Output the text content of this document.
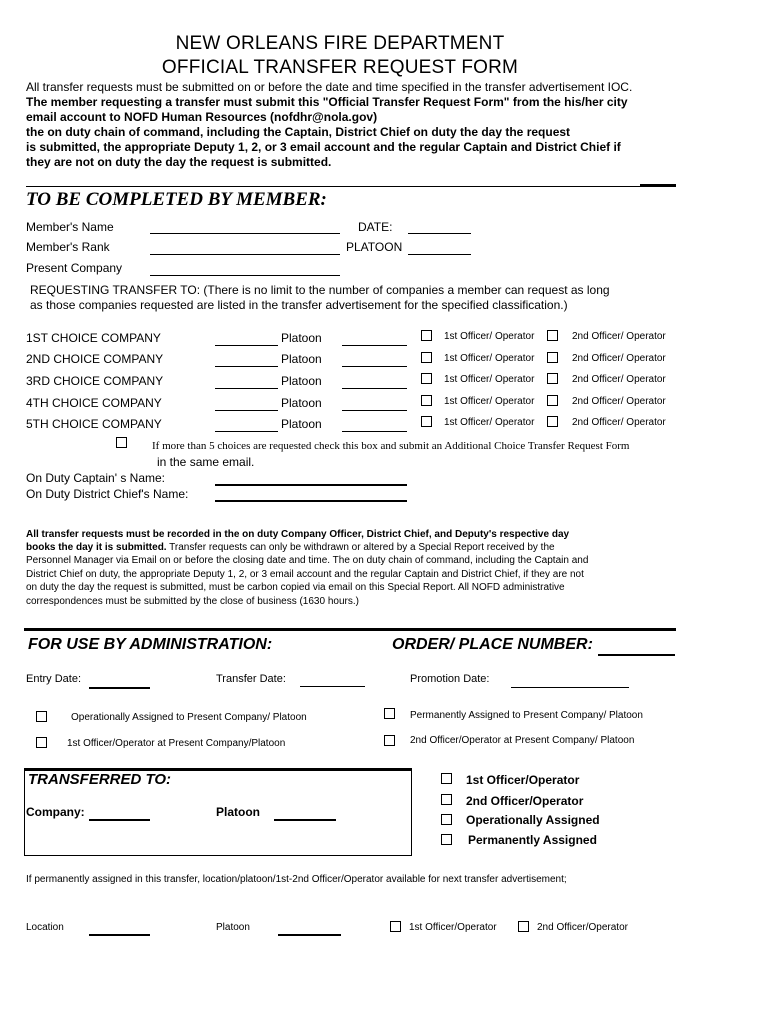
NEW ORLEANS FIRE DEPARTMENT
OFFICIAL TRANSFER REQUEST FORM
All transfer requests must be submitted on or before the date and time specified in the transfer advertisement IOC.
The member requesting a transfer must submit this "Official Transfer Request Form" from the his/her city
email account to NOFD Human Resources (nofdhr@nola.gov)
the on duty chain of command, including the Captain, District Chief on duty the day the request
is submitted, the appropriate Deputy 1, 2, or 3 email account and the regular Captain and District Chief if
they are not on duty the day the request is submitted.
TO BE COMPLETED BY MEMBER:
Member's Name	DATE:
Member's Rank	PLATOON
Present Company
REQUESTING TRANSFER TO: (There is no limit to the number of companies a member can request as long
as those companies requested are listed in the transfer advertisement for the specified classification.)
1ST CHOICE COMPANY	Platoon	1st Officer/ Operator	2nd Officer/ Operator
2ND CHOICE COMPANY	Platoon	1st Officer/ Operator	2nd Officer/ Operator
3RD CHOICE COMPANY	Platoon	1st Officer/ Operator	2nd Officer/ Operator
4TH CHOICE COMPANY	Platoon	1st Officer/ Operator	2nd Officer/ Operator
5TH CHOICE COMPANY	Platoon	1st Officer/ Operator	2nd Officer/ Operator
If more than 5 choices are requested check this box and submit an Additional Choice Transfer Request Form
in the same email.
On Duty Captain' s Name:
On Duty District Chief's Name:
All transfer requests must be recorded in the on duty Company Officer, District Chief, and Deputy's respective day
books the day it is submitted. Transfer requests can only be withdrawn or altered by a Special Report received by the
Personnel Manager via Email on or before the closing date and time. The on duty chain of command, including the Captain and
District Chief on duty, the appropriate Deputy 1, 2, or 3 email account and the regular Captain and District Chief, if they are not
on duty the day the request is submitted, must be carbon copied via email on this Special Report. All NOFD administrative
correspondences must be submitted by the close of business (1630 hours.)
FOR USE BY ADMINISTRATION:	ORDER/ PLACE NUMBER:
Entry Date:	Transfer Date:	Promotion Date:
Operationally Assigned to Present Company/ Platoon	Permanently Assigned to Present Company/ Platoon
1st Officer/Operator at Present Company/Platoon	2nd Officer/Operator at Present Company/ Platoon
TRANSFERRED TO:
Company:	Platoon
1st Officer/Operator
2nd Officer/Operator
Operationally Assigned
Permanently Assigned
If permanently assigned in this transfer, location/platoon/1st-2nd Officer/Operator available for next transfer advertisement;
Location	Platoon	1st Officer/Operator	2nd Officer/Operator
